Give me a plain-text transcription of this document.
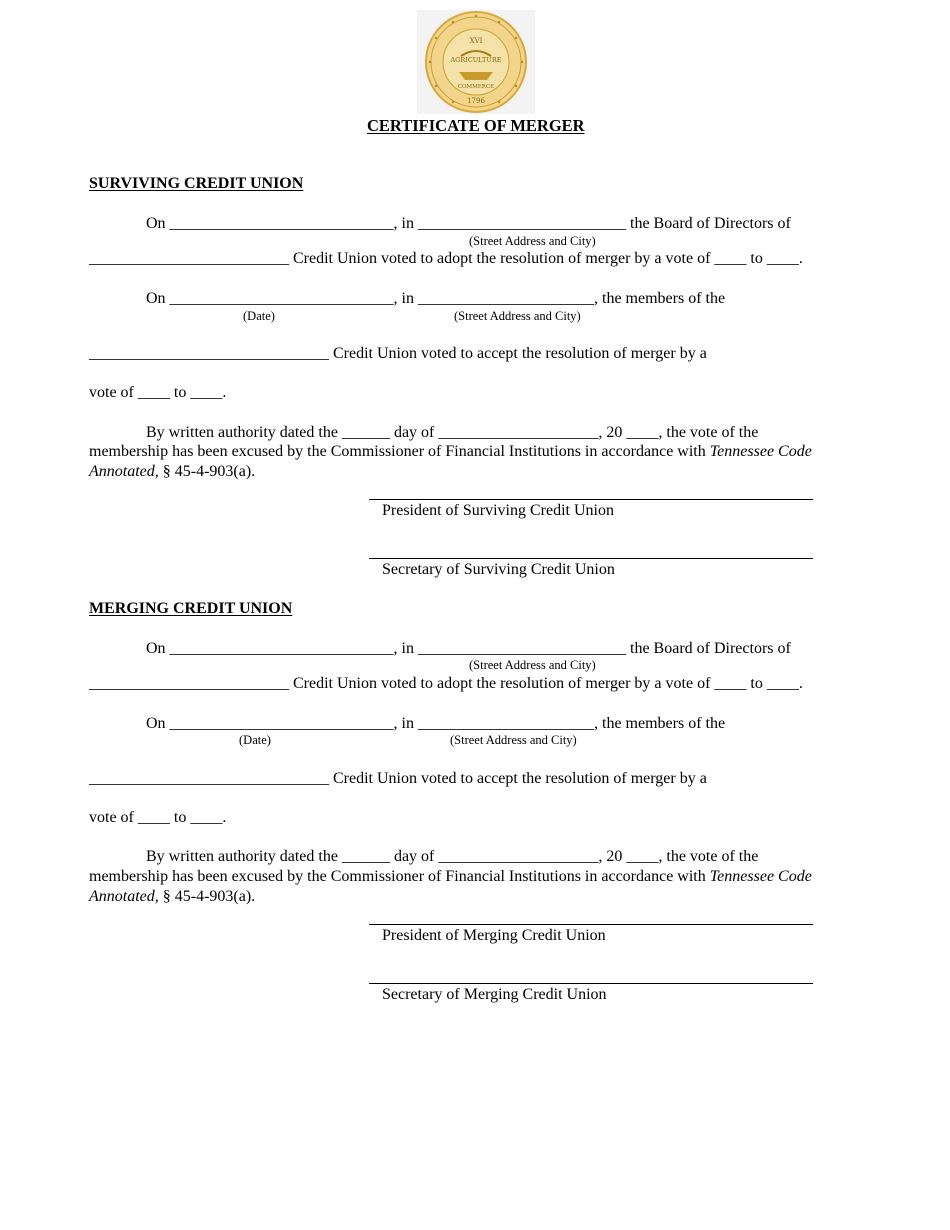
XVI
AGRICULTURE
COMMERCE
1796
CERTIFICATE OF MERGER
SURVIVING CREDIT UNION
On ____________________________, in __________________________ the Board of Directors of
(Street Address and City)
_________________________ Credit Union voted to adopt the resolution of merger by a vote of ____ to ____.
On ____________________________, in ______________________, the members of the
(Date)	(Street Address and City)
______________________________ Credit Union voted to accept the resolution of merger by a
vote of ____ to ____.
By written authority dated the ______ day of ____________________, 20 ____, the vote of the
membership has been excused by the Commissioner of Financial Institutions in accordance with Tennessee Code
Annotated, § 45-4-903(a).
President of Surviving Credit Union
Secretary of Surviving Credit Union
MERGING CREDIT UNION
On ____________________________, in __________________________ the Board of Directors of
(Street Address and City)
_________________________ Credit Union voted to adopt the resolution of merger by a vote of ____ to ____.
On ____________________________, in ______________________, the members of the
(Date)	(Street Address and City)
______________________________ Credit Union voted to accept the resolution of merger by a
vote of ____ to ____.
By written authority dated the ______ day of ____________________, 20 ____, the vote of the
membership has been excused by the Commissioner of Financial Institutions in accordance with Tennessee Code
Annotated, § 45-4-903(a).
President of Merging Credit Union
Secretary of Merging Credit Union
